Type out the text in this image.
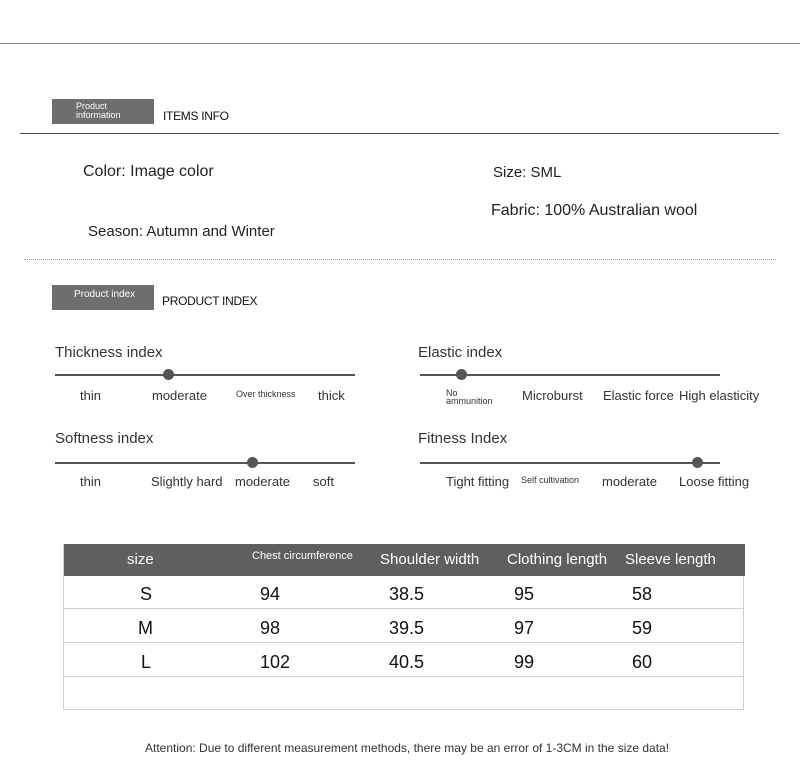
Product
information	ITEMS INFO
Color: Image color	Size: SML
Fabric: 100% Australian wool
Season: Autumn and Winter
Product index	PRODUCT INDEX
Thickness index
thin	moderate	Over thickness thick
Elastic index
No
ammunition Microburst Elastic force High elasticity
Softness index
thin	Slightly hard moderate soft
Fitness Index
Tight fitting Self cultivation moderate Loose fitting
size	Chest circumference Shoulder width Clothing length Sleeve length
S	94	38.5	95	58
M	98	39.5	97	59
L	102	40.5	99	60
Attention: Due to different measurement methods, there may be an error of 1-3CM in the size data!
